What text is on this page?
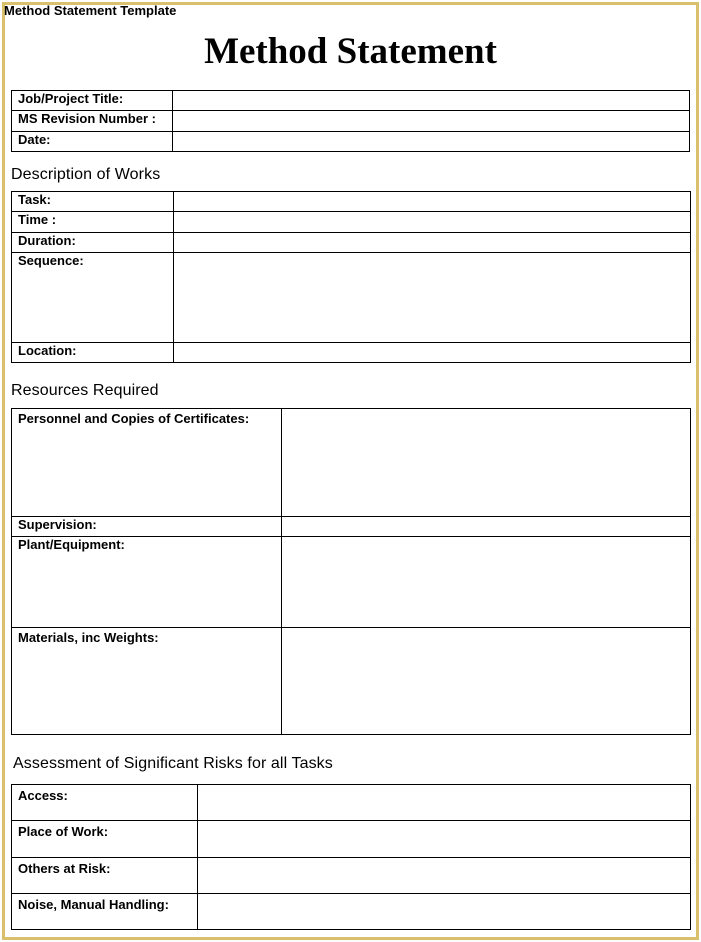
Method Statement Template
Method Statement
Job/Project Title:	
MS Revision Number :	
Date:	
Description of Works
Task:	
Time :	
Duration:	
Sequence:	
Location:	
Resources Required
Personnel and Copies of Certificates:	
Supervision:	
Plant/Equipment:	
Materials, inc Weights:	
Assessment of Significant Risks for all Tasks
Access:	
Place of Work:	
Others at Risk:	
Noise, Manual Handling:	
